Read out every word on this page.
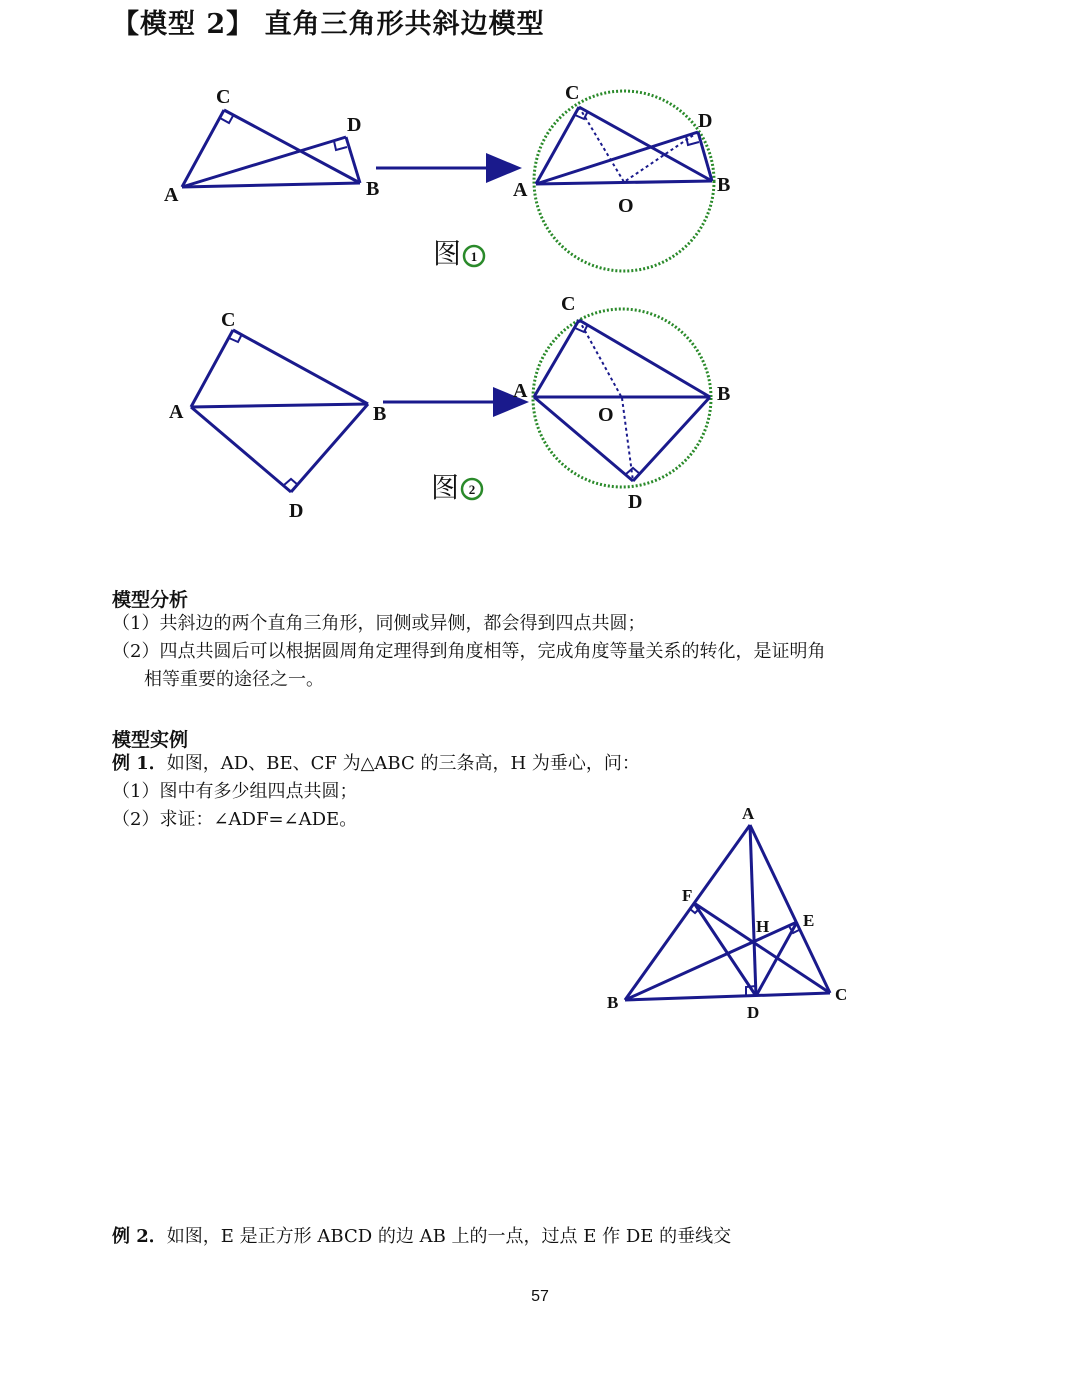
【模型 2】 直角三角形共斜边模型
C
D
A	B
C
D
A	B
O
图 1
C
A	B
D
C
A	B
O
D
图 2
模型分析
（1）共斜边的两个直角三角形，同侧或异侧，都会得到四点共圆；
（2）四点共圆后可以根据圆周角定理得到角度相等，完成角度等量关系的转化，是证明角
相等重要的途径之一。
模型实例
例 1．如图，AD、BE、CF 为△ABC 的三条高，H 为垂心，问：
（1）图中有多少组四点共圆；
（2）求证：∠ADF=∠ADE。	A
F
H E
B	C
D
例 2．如图，E 是正方形 ABCD 的边 AB 上的一点，过点 E 作 DE 的垂线交
57
